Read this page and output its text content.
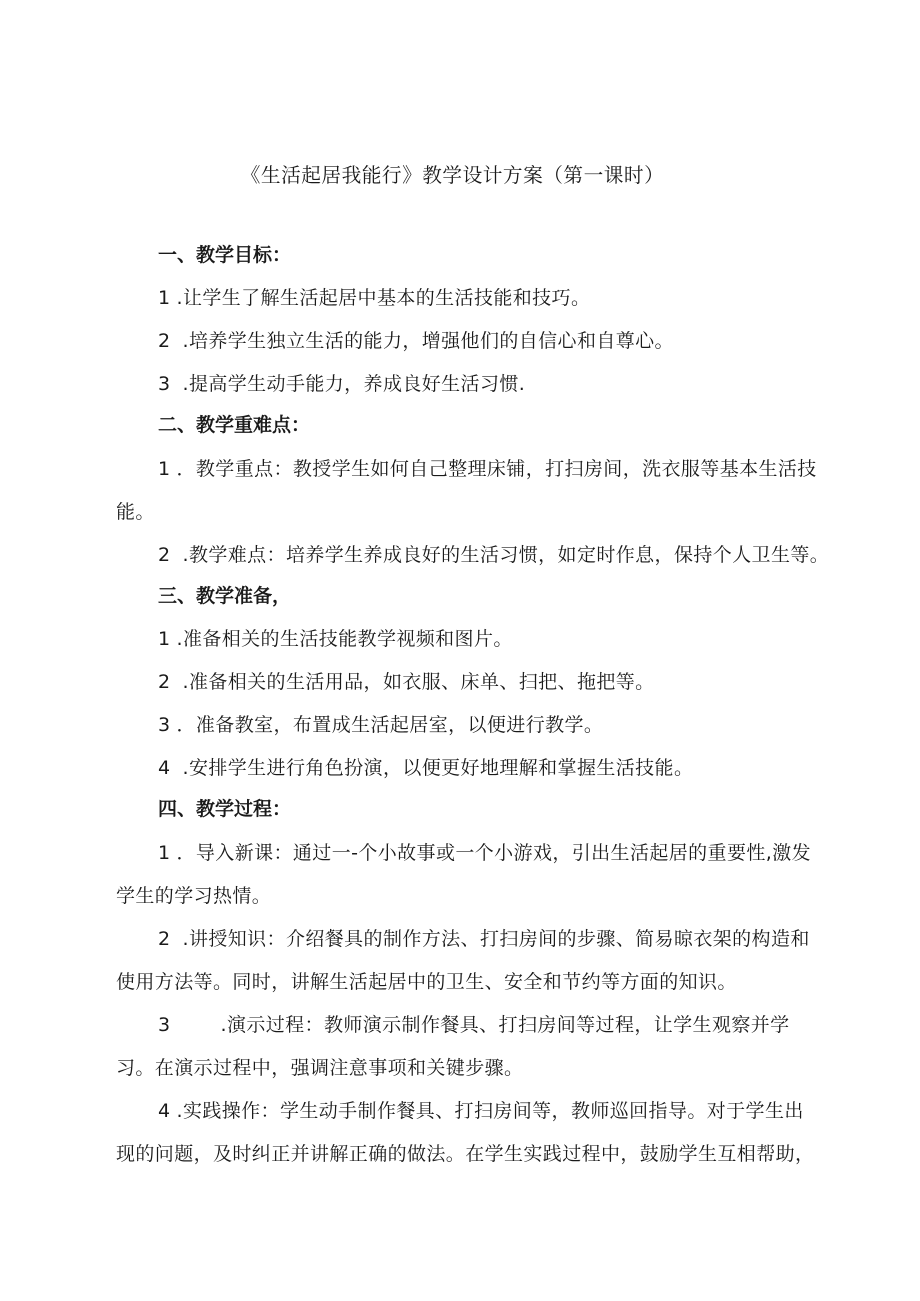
《生活起居我能行》教学设计方案（第一课时）
一、教学目标：
1 .让学生了解生活起居中基本的生活技能和技巧。
2 .培养学生独立生活的能力，增强他们的自信心和自尊心。
3 .提高学生动手能力，养成良好生活习惯.
二、教学重难点：
1 ．教学重点：教授学生如何自己整理床铺，打扫房间，洗衣服等基本生活技
能。
2 .教学难点：培养学生养成良好的生活习惯，如定时作息，保持个人卫生等。
三、教学准备，
1 .准备相关的生活技能教学视频和图片。
2 .准备相关的生活用品，如衣服、床单、扫把、拖把等。
3 ．准备教室，布置成生活起居室，以便进行教学。
4 .安排学生进行角色扮演，以便更好地理解和掌握生活技能。
四、教学过程：
1 ．导入新课：通过一-个小故事或一个小游戏，引出生活起居的重要性,激发
学生的学习热情。
2 .讲授知识：介绍餐具的制作方法、打扫房间的步骤、简易晾衣架的构造和
使用方法等。同时，讲解生活起居中的卫生、安全和节约等方面的知识。
3	.演示过程：教师演示制作餐具、打扫房间等过程，让学生观察并学
习。在演示过程中，强调注意事项和关键步骤。
4 .实践操作：学生动手制作餐具、打扫房间等，教师巡回指导。对于学生出
现的问题，及时纠正并讲解正确的做法。在学生实践过程中，鼓励学生互相帮助，
